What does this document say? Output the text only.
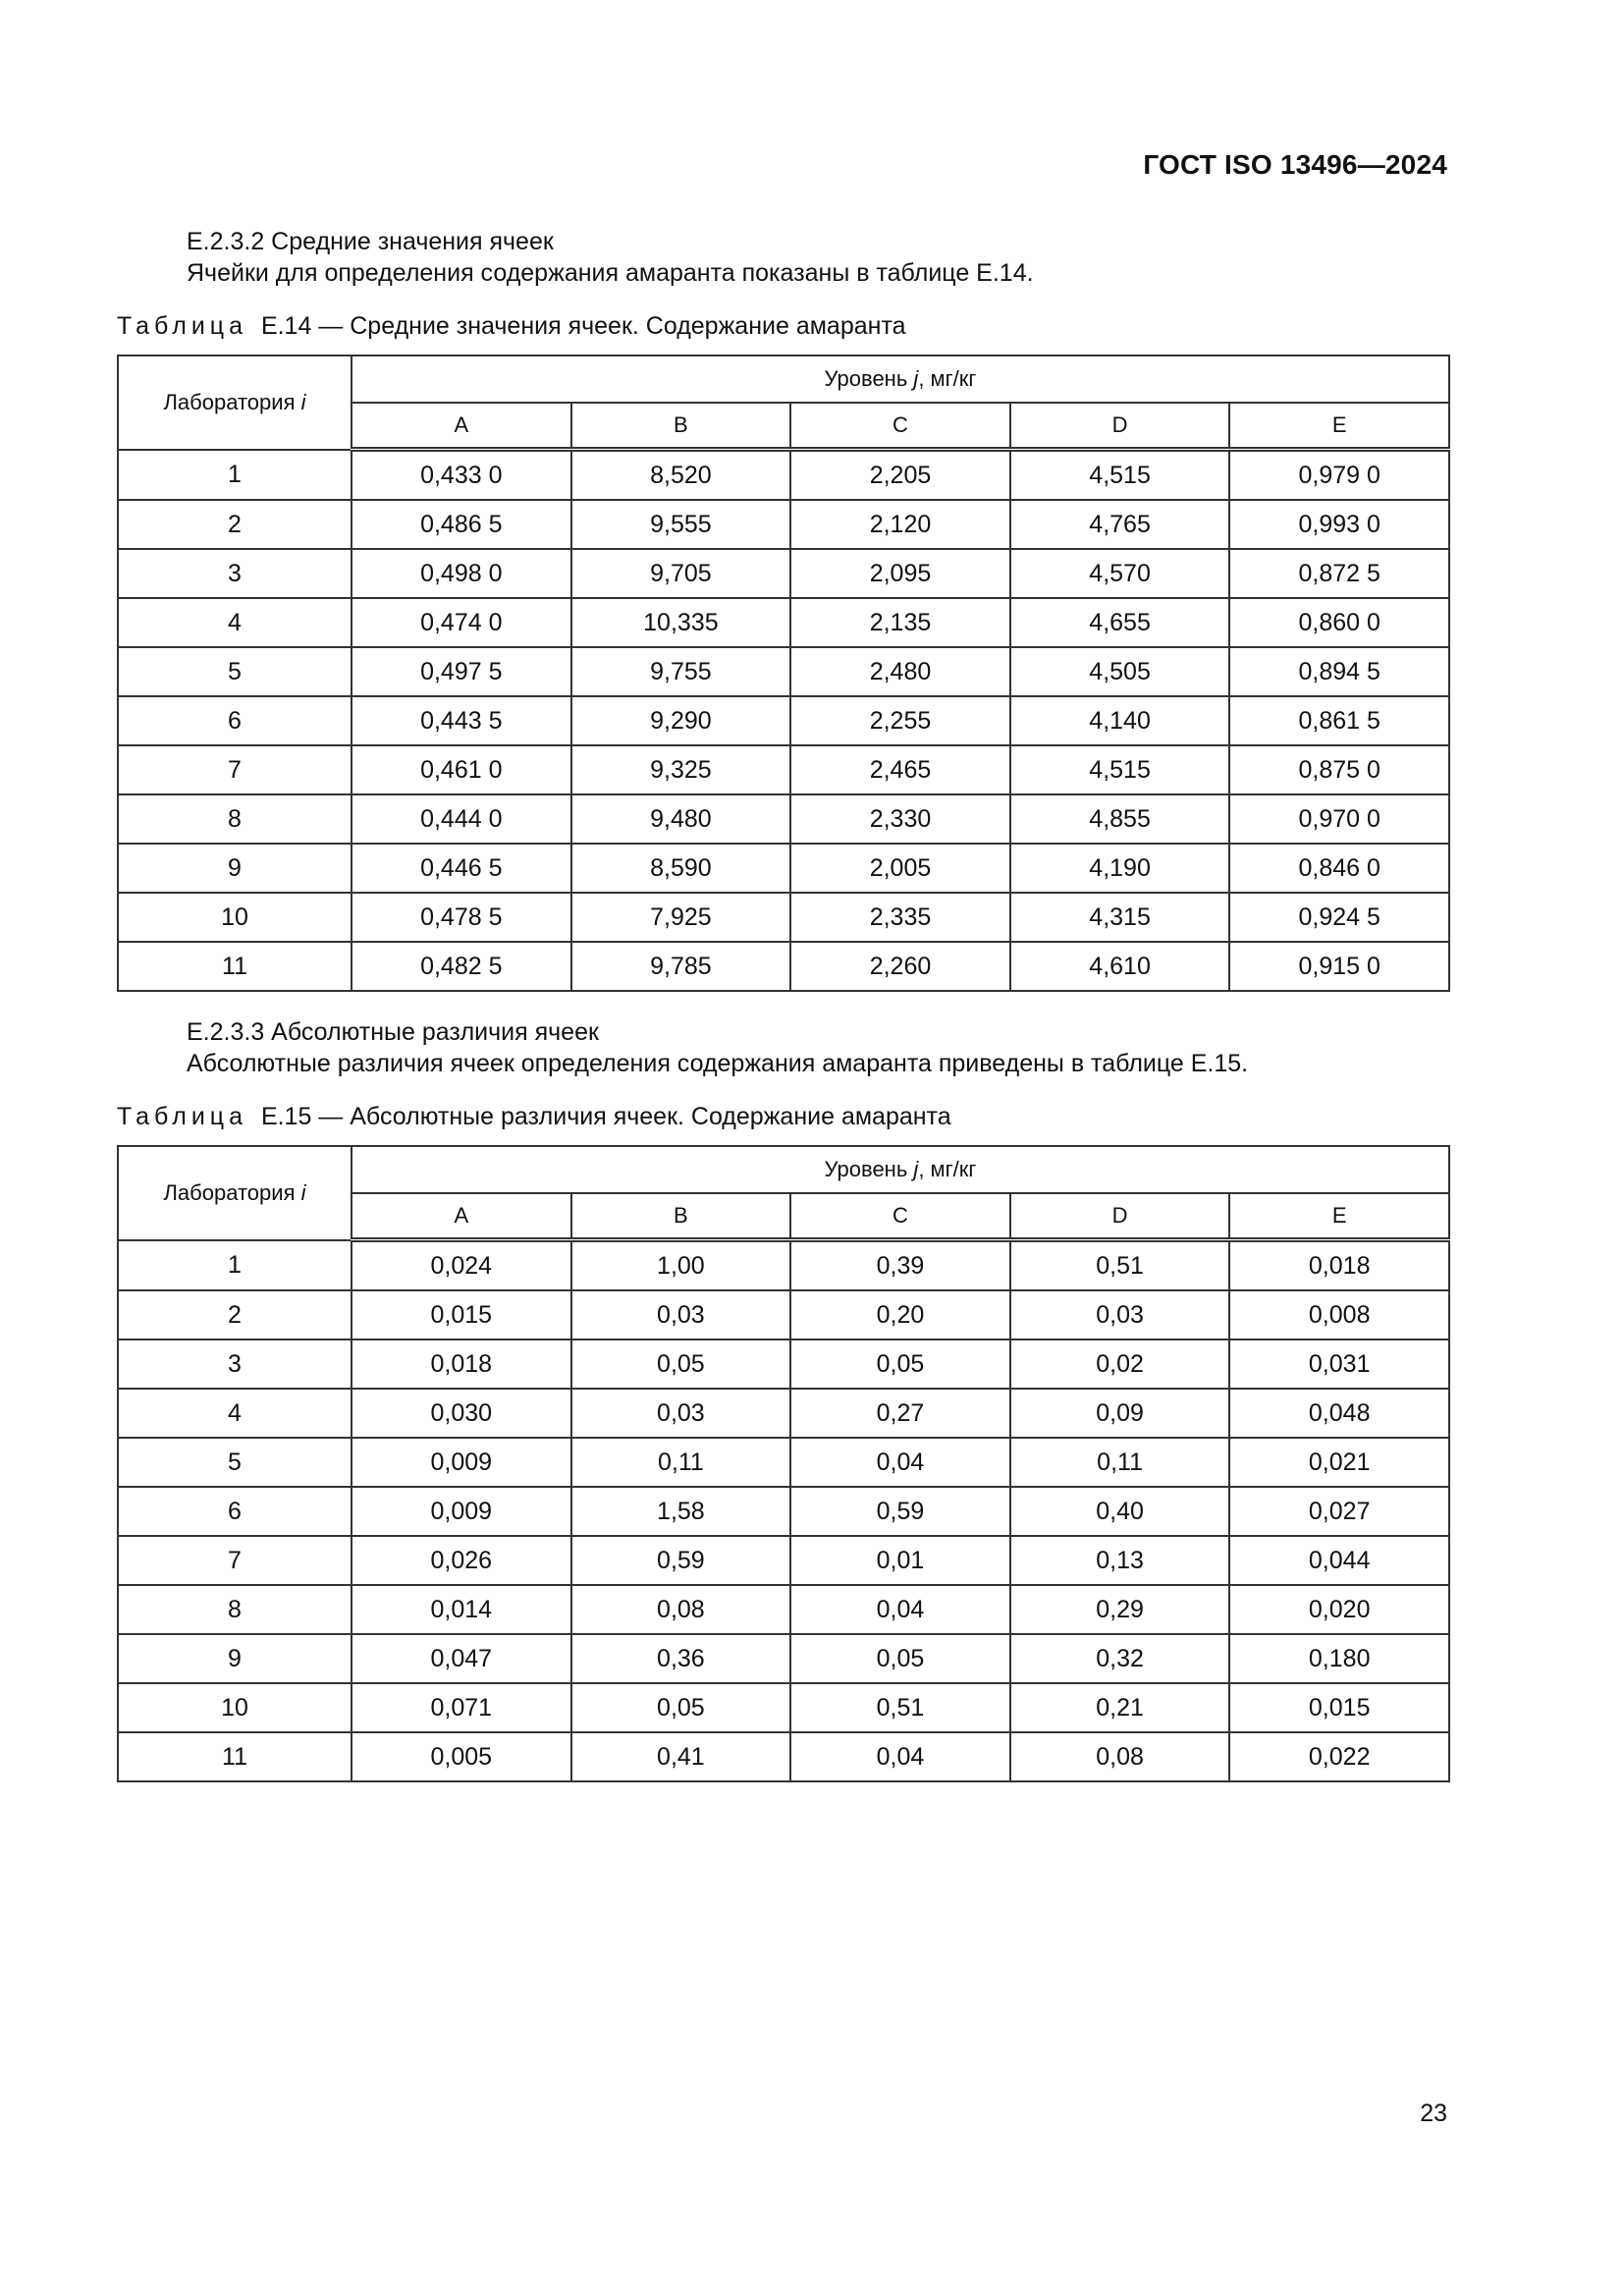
ГОСТ ISO 13496—2024
E.2.3.2 Средние значения ячеек
Ячейки для определения содержания амаранта показаны в таблице E.14.
Таблица E.14 — Средние значения ячеек. Содержание амаранта
Лаборатория i	Уровень j, мг/кг				
	A	B	C	D	E
1	0,433 0	8,520	2,205	4,515	0,979 0
2	0,486 5	9,555	2,120	4,765	0,993 0
3	0,498 0	9,705	2,095	4,570	0,872 5
4	0,474 0	10,335	2,135	4,655	0,860 0
5	0,497 5	9,755	2,480	4,505	0,894 5
6	0,443 5	9,290	2,255	4,140	0,861 5
7	0,461 0	9,325	2,465	4,515	0,875 0
8	0,444 0	9,480	2,330	4,855	0,970 0
9	0,446 5	8,590	2,005	4,190	0,846 0
10	0,478 5	7,925	2,335	4,315	0,924 5
11	0,482 5	9,785	2,260	4,610	0,915 0
E.2.3.3 Абсолютные различия ячеек
Абсолютные различия ячеек определения содержания амаранта приведены в таблице E.15.
Таблица E.15 — Абсолютные различия ячеек. Содержание амаранта
Лаборатория i	Уровень j, мг/кг				
	A	B	C	D	E
1	0,024	1,00	0,39	0,51	0,018
2	0,015	0,03	0,20	0,03	0,008
3	0,018	0,05	0,05	0,02	0,031
4	0,030	0,03	0,27	0,09	0,048
5	0,009	0,11	0,04	0,11	0,021
6	0,009	1,58	0,59	0,40	0,027
7	0,026	0,59	0,01	0,13	0,044
8	0,014	0,08	0,04	0,29	0,020
9	0,047	0,36	0,05	0,32	0,180
10	0,071	0,05	0,51	0,21	0,015
11	0,005	0,41	0,04	0,08	0,022
23
